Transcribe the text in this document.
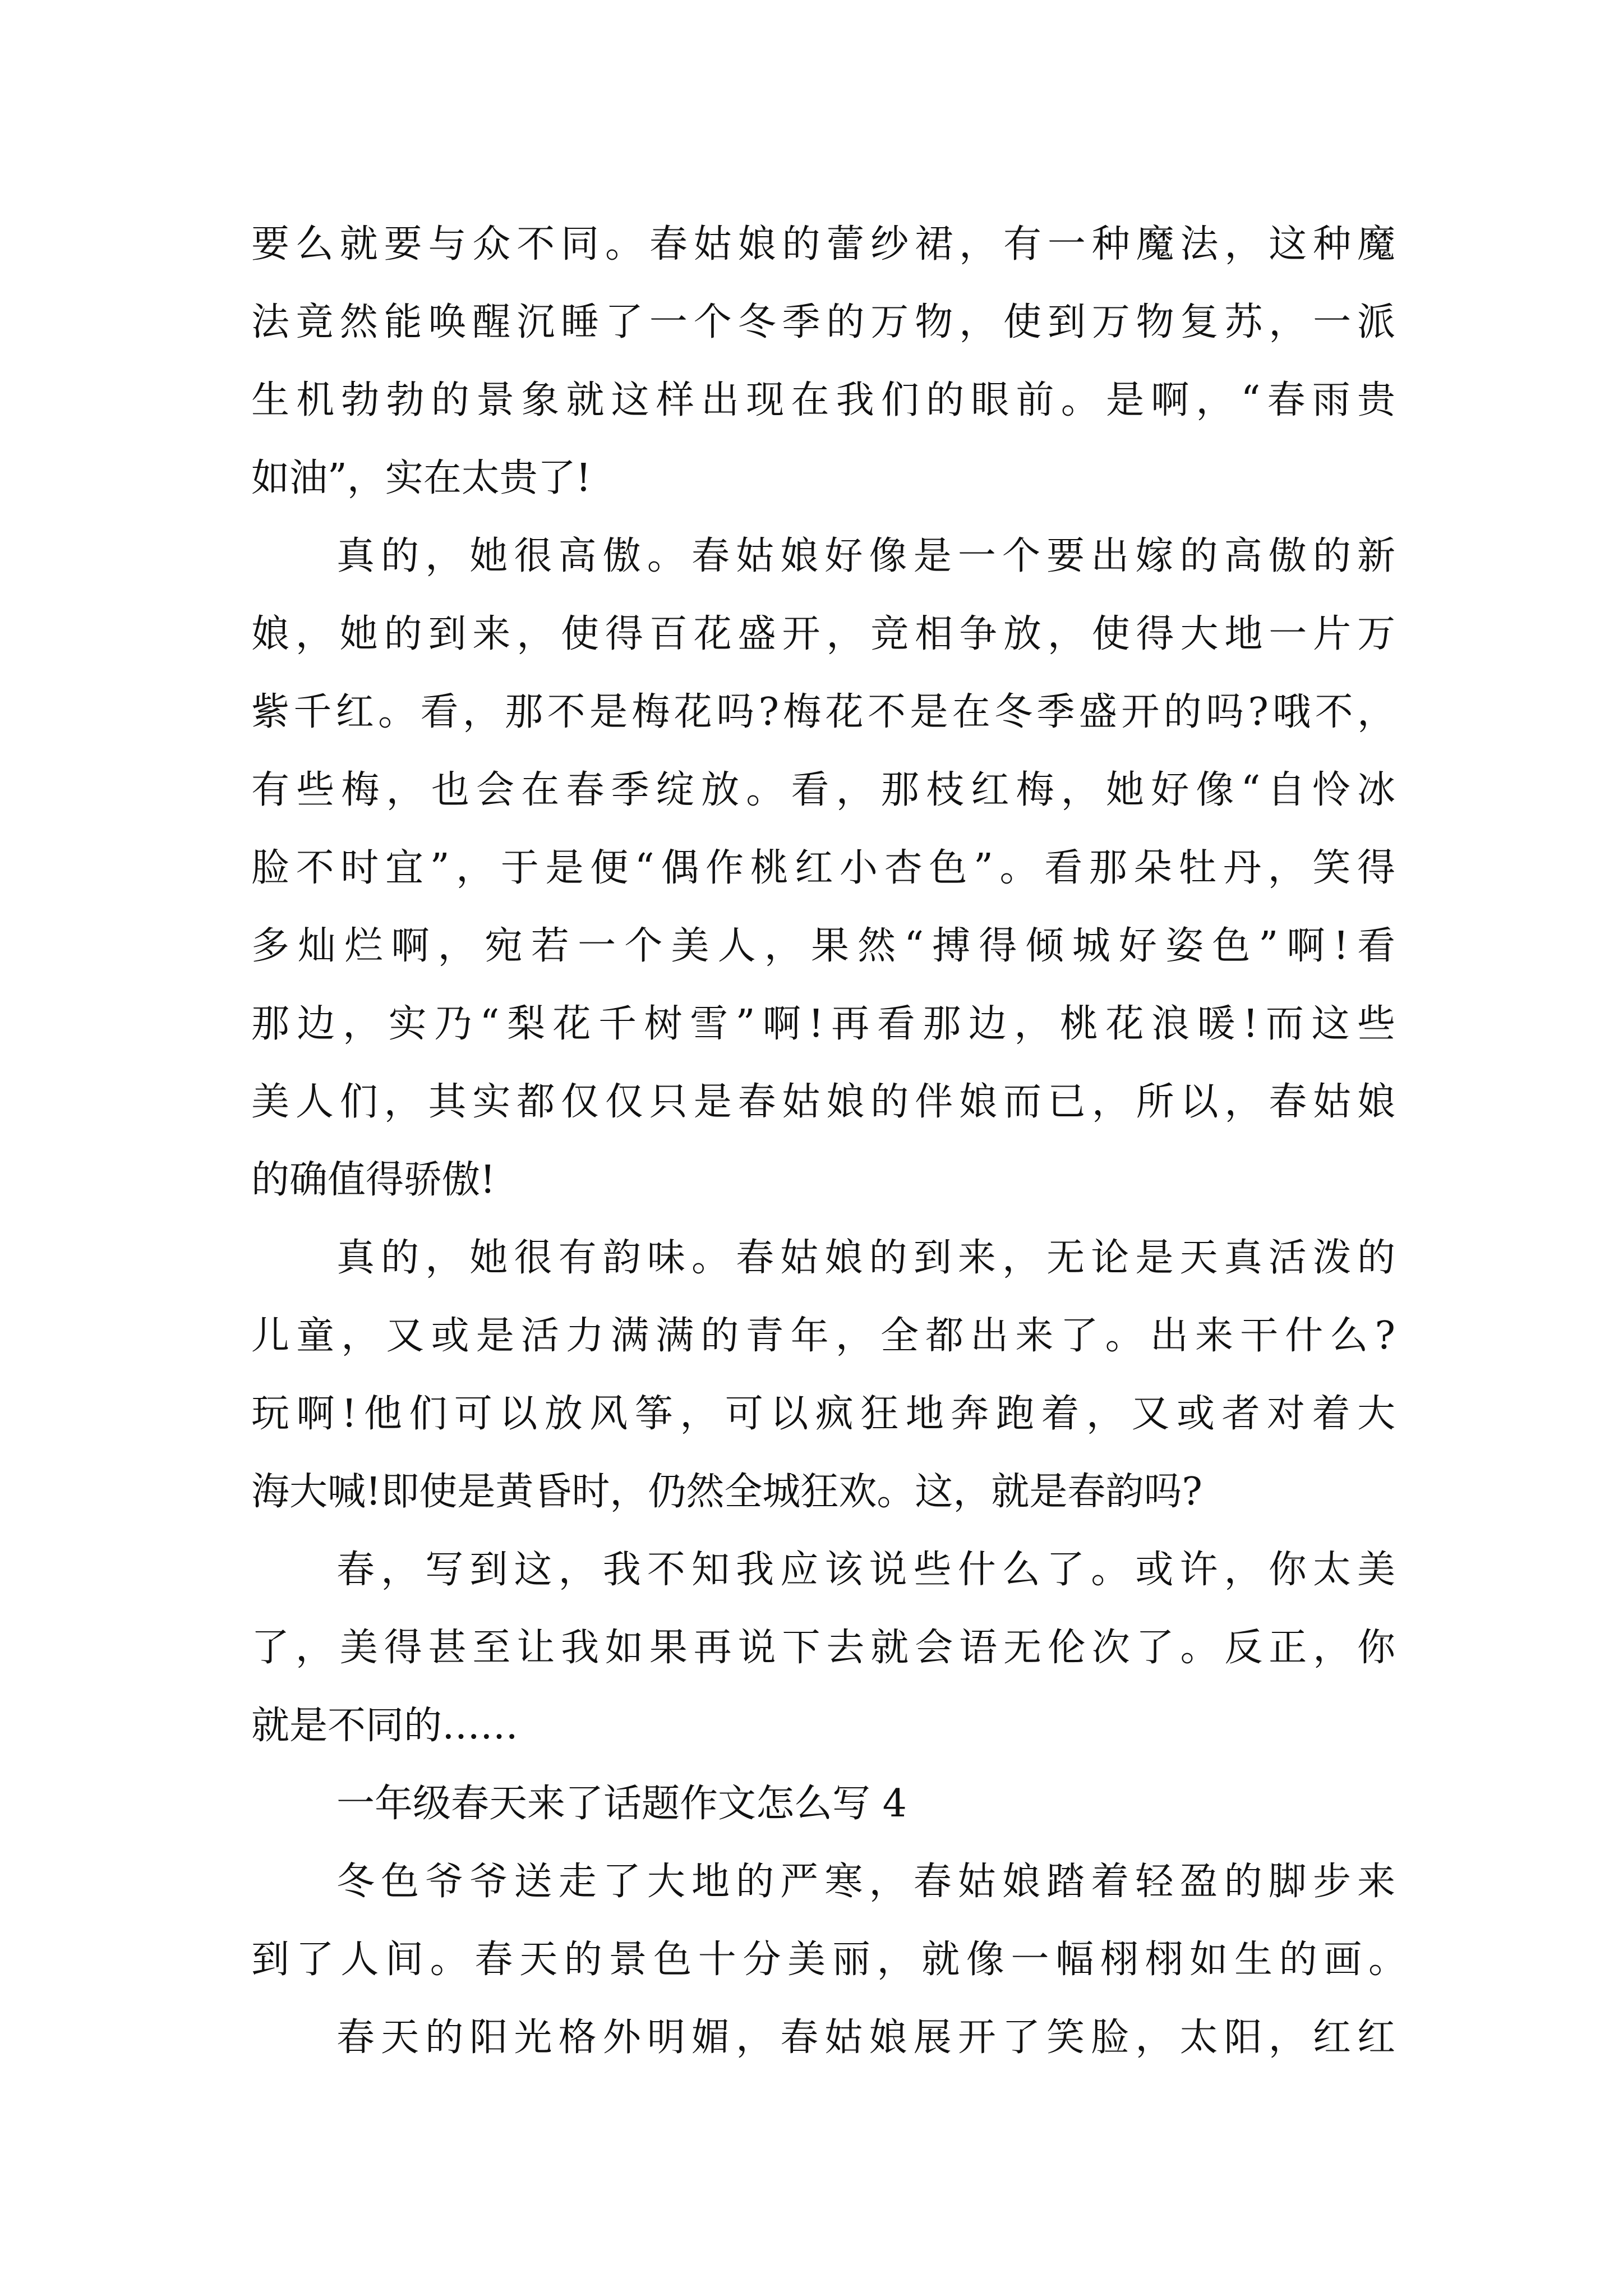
要么就要与众不同。春姑娘的蕾纱裙，有一种魔法，这种魔
法竟然能唤醒沉睡了一个冬季的万物，使到万物复苏，一派
生机勃勃的景象就这样出现在我们的眼前。是啊，“春雨贵
如油”，实在太贵了!
真的，她很高傲。春姑娘好像是一个要出嫁的高傲的新
娘，她的到来，使得百花盛开，竞相争放，使得大地一片万
紫千红。看，那不是梅花吗?梅花不是在冬季盛开的吗?哦不，
有些梅，也会在春季绽放。看，那枝红梅，她好像“自怜冰
脸不时宜”，于是便“偶作桃红小杏色”。看那朵牡丹，笑得
多灿烂啊，宛若一个美人，果然“搏得倾城好姿色”啊!看
那边，实乃“梨花千树雪”啊!再看那边，桃花浪暖!而这些
美人们，其实都仅仅只是春姑娘的伴娘而已，所以，春姑娘
的确值得骄傲!
真的，她很有韵味。春姑娘的到来，无论是天真活泼的
儿童，又或是活力满满的青年，全都出来了。出来干什么?
玩啊!他们可以放风筝，可以疯狂地奔跑着，又或者对着大
海大喊!即使是黄昏时，仍然全城狂欢。这，就是春韵吗?
春，写到这，我不知我应该说些什么了。或许，你太美
了，美得甚至让我如果再说下去就会语无伦次了。反正，你
就是不同的……
一年级春天来了话题作文怎么写 4
冬色爷爷送走了大地的严寒，春姑娘踏着轻盈的脚步来
到了人间。春天的景色十分美丽，就像一幅栩栩如生的画。
春天的阳光格外明媚，春姑娘展开了笑脸，太阳，红红
